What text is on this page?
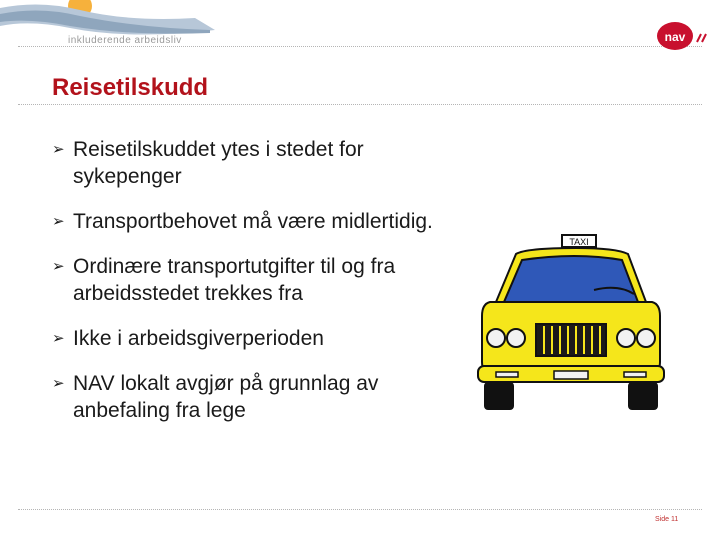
inkluderende arbeidsliv	nav
Reisetilskudd
➢ Reisetilskuddet ytes i stedet for sykepenger
➢ Transportbehovet må være midlertidig.
➢ Ordinære transportutgifter til og fra arbeidsstedet trekkes fra
➢ Ikke i arbeidsgiverperioden
➢ NAV lokalt avgjør på grunnlag av anbefaling fra lege
TAXI
Side 11
